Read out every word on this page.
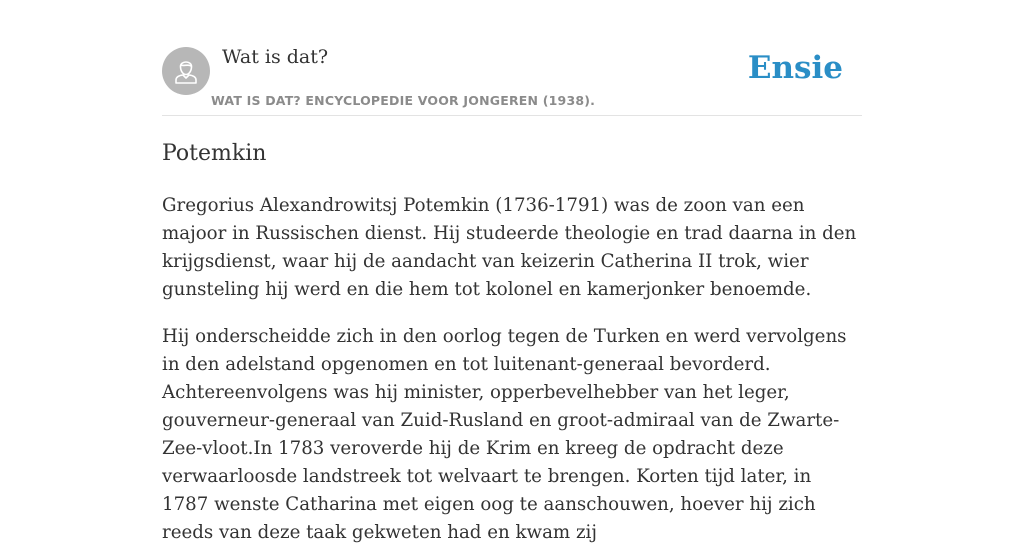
Wat is dat?
WAT IS DAT? ENCYCLOPEDIE VOOR JONGEREN (1938).
Ensie
Potemkin

Gregorius Alexandrowitsj Potemkin (1736-1791) was de zoon van een majoor in Russischen dienst. Hij studeerde theologie en trad daarna in den krijgsdienst, waar hij de aandacht van keizerin Catherina II trok, wier gunsteling hij werd en die hem tot kolonel en kamerjonker benoemde.

Hij onderscheidde zich in den oorlog tegen de Turken en werd vervolgens in den adelstand opgenomen en tot luitenant-generaal bevorderd. Achtereenvolgens was hij minister, opperbevelhebber van het leger, gouverneur-generaal van Zuid-Rusland en groot-admiraal van de Zwarte-Zee-vloot.In 1783 veroverde hij de Krim en kreeg de opdracht deze verwaarloosde landstreek tot welvaart te brengen. Korten tijd later, in 1787 wenste Catharina met eigen oog te aanschouwen, hoever hij zich reeds van deze taak gekweten had en kwam zij
